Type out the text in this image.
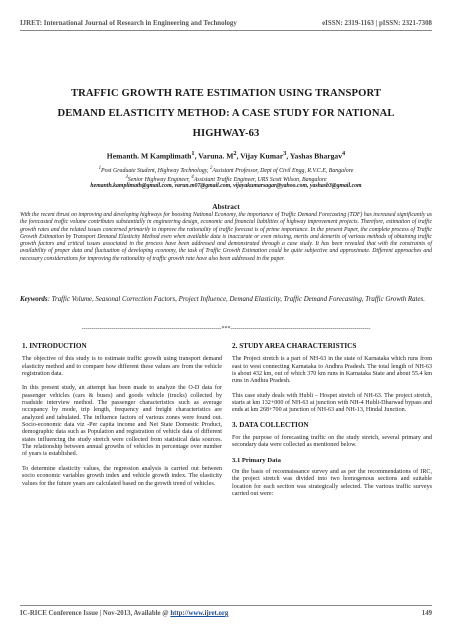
IJRET: International Journal of Research in Engineering and Technology	eISSN: 2319-1163 | pISSN: 2321-7308
TRAFFIC GROWTH RATE ESTIMATION USING TRANSPORT
DEMAND ELASTICITY METHOD: A CASE STUDY FOR NATIONAL
HIGHWAY-63
Hemanth. M Kamplimath$^1$, Varuna. $M^2$, Vijay Kumar$^3$, Yashas Bhargav$^4$
$^1$Post Graduate Student, Highway Technology, $^2$Assistant Professor, Dept of Civil Engg, R.V.C.E, Bangalore
$^3$Senior Highway Engineer, $^4$Assistant Traffic Engineer, URS Scott Wilson, Bangalore
hemanth.kamplimath@gmail.com, varun.m07@gmail.com, vijayakumarsagar@yahoo.com, yashasb3@gmail.com
Abstract

With the recent thrust on improving and developing highways for boosting National Economy, the importance of Traffic Demand Forecasting (TDF) has increased significantly as the forecasted traffic volume contributes substantially in engineering design, economic and financial liabilities of highway improvement projects. Therefore, estimation of traffic growth rates and the related issues concerned primarily to improve the rationality of traffic forecast is of prime importance. In the present Paper, the complete process of Traffic Growth Estimation by Transport Demand Elasticity Method even when available data is inaccurate or even missing, merits and demerits of various methods of obtaining traffic growth factors and critical issues associated in the process have been addressed and demonstrated through a case study. It has been revealed that with the constraints of availability of proper data and fluctuation of developing economy, the task of Traffic Growth Estimation could be quite subjective and approximate. Different approaches and necessary considerations for improving the rationality of traffic growth rate have also been addressed in the paper.

Keywords: Traffic Volume, Seasonal Correction Factors, Project Influence, Demand Elasticity, Traffic Demand Forecasting, Traffic Growth Rates.

----------------------------------------------------------------------***----------------------------------------------------------------------
1. INTRODUCTION

The objective of this study is to estimate traffic growth using transport demand elasticity method and to compare how different these values are from the vehicle registration data.

In this present study, an attempt has been made to analyze the O-D data for passenger vehicles (cars & buses) and goods vehicle (trucks) collected by roadside interview method. The passenger characteristics such as average occupancy by mode, trip length, frequency and freight characteristics are analyzed and tabulated. The influence factors of various zones were found out. Socio-economic data viz -Per capita income and Net State Domestic Product, demographic data such as Population and registration of vehicle data of different states influencing the study stretch were collected from statistical data sources. The relationship between annual growths of vehicles in percentage over number of years is established.

To determine elasticity values, the regression analysis is carried out between socio economic variables growth index and vehicle growth index. The elasticity values for the future years are calculated based on the growth trend of vehicles.

2. STUDY AREA CHARACTERISTICS

The Project stretch is a part of NH-63 in the state of Karnataka which runs from east to west connecting Karnataka to Andhra Pradesh. The total length of NH-63 is about 432 km, out of which 370 km runs in Karnataka State and about 55.4 km runs in Andhra Pradesh.

This case study deals with Hubli – Hospet stretch of NH-63. The project stretch, starts at km 132+000 of NH-63 at junction with NH-4 Hubli-Dharwad bypass and ends at km 268+700 at junction of NH-63 and NH-13, Hindal Junction.

3. DATA COLLECTION

For the purpose of forecasting traffic on the study stretch, several primary and secondary data were collected as mentioned below.

3.1 Primary Data

On the basis of reconnaissance survey and as per the recommendations of IRC, the project stretch was divided into two homogenous sections and suitable location for each section was strategically selected. The various traffic surveys carried out were:

IC-RICE Conference Issue | Nov-2013, Available @ http://www.ijret.org	149
